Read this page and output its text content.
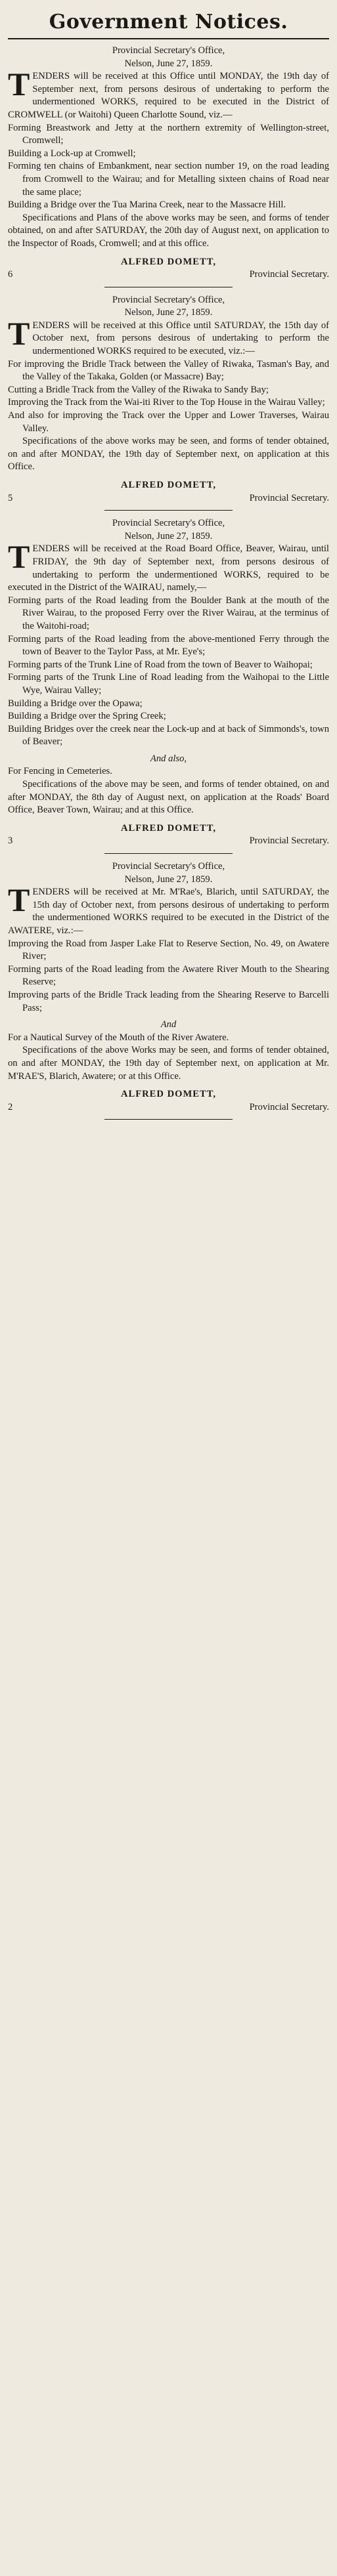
Government Notices.

Provincial Secretary's Office,

Nelson, June 27, 1859.

TENDERS will be received at this Office until MONDAY, the 19th day of September next, from persons desirous of undertaking to perform the undermentioned WORKS, required to be executed in the District of CROMWELL (or Waitohi) Queen Charlotte Sound, viz.—

Forming Breastwork and Jetty at the northern extremity of Wellington-street, Cromwell;

Building a Lock-up at Cromwell;

Forming ten chains of Embankment, near section number 19, on the road leading from Cromwell to the Wairau; and for Metalling sixteen chains of Road near the same place;

Building a Bridge over the Tua Marina Creek, near to the Massacre Hill.

Specifications and Plans of the above works may be seen, and forms of tender obtained, on and after SATURDAY, the 20th day of August next, on application to the Inspector of Roads, Cromwell; and at this office.

ALFRED DOMETT,

6	Provincial Secretary.

Provincial Secretary's Office,

Nelson, June 27, 1859.

TENDERS will be received at this Office until SATURDAY, the 15th day of October next, from persons desirous of undertaking to perform the undermentioned WORKS required to be executed, viz.:—

For improving the Bridle Track between the Valley of Riwaka, Tasman's Bay, and the Valley of the Takaka, Golden (or Massacre) Bay;

Cutting a Bridle Track from the Valley of the Riwaka to Sandy Bay;

Improving the Track from the Wai-iti River to the Top House in the Wairau Valley;

And also for improving the Track over the Upper and Lower Traverses, Wairau Valley.

Specifications of the above works may be seen, and forms of tender obtained, on and after MONDAY, the 19th day of September next, on application at this Office.

ALFRED DOMETT,

5	Provincial Secretary.

Provincial Secretary's Office,

Nelson, June 27, 1859.

TENDERS will be received at the Road Board Office, Beaver, Wairau, until FRIDAY, the 9th day of September next, from persons desirous of undertaking to perform the undermentioned WORKS, required to be executed in the District of the WAIRAU, namely,—

Forming parts of the Road leading from the Boulder Bank at the mouth of the River Wairau, to the proposed Ferry over the River Wairau, at the terminus of the Waitohi-road;

Forming parts of the Road leading from the above-mentioned Ferry through the town of Beaver to the Taylor Pass, at Mr. Eye's;

Forming parts of the Trunk Line of Road from the town of Beaver to Waihopai;

Forming parts of the Trunk Line of Road leading from the Waihopai to the Little Wye, Wairau Valley;

Building a Bridge over the Opawa;

Building a Bridge over the Spring Creek;

Building Bridges over the creek near the Lock-up and at back of Simmonds's, town of Beaver;

And also,

For Fencing in Cemeteries.

Specifications of the above may be seen, and forms of tender obtained, on and after MONDAY, the 8th day of August next, on application at the Roads' Board Office, Beaver Town, Wairau; and at this Office.

ALFRED DOMETT,

3	Provincial Secretary.

Provincial Secretary's Office,

Nelson, June 27, 1859.

TENDERS will be received at Mr. M'Rae's, Blarich, until SATURDAY, the 15th day of October next, from persons desirous of undertaking to perform the undermentioned WORKS required to be executed in the District of the AWATERE, viz.:—

Improving the Road from Jasper Lake Flat to Reserve Section, No. 49, on Awatere River;

Forming parts of the Road leading from the Awatere River Mouth to the Shearing Reserve;

Improving parts of the Bridle Track leading from the Shearing Reserve to Barcelli Pass;

And

For a Nautical Survey of the Mouth of the River Awatere.

Specifications of the above Works may be seen, and forms of tender obtained, on and after MONDAY, the 19th day of September next, on application at Mr. M'RAE'S, Blarich, Awatere; or at this Office.

ALFRED DOMETT,

2	Provincial Secretary.
